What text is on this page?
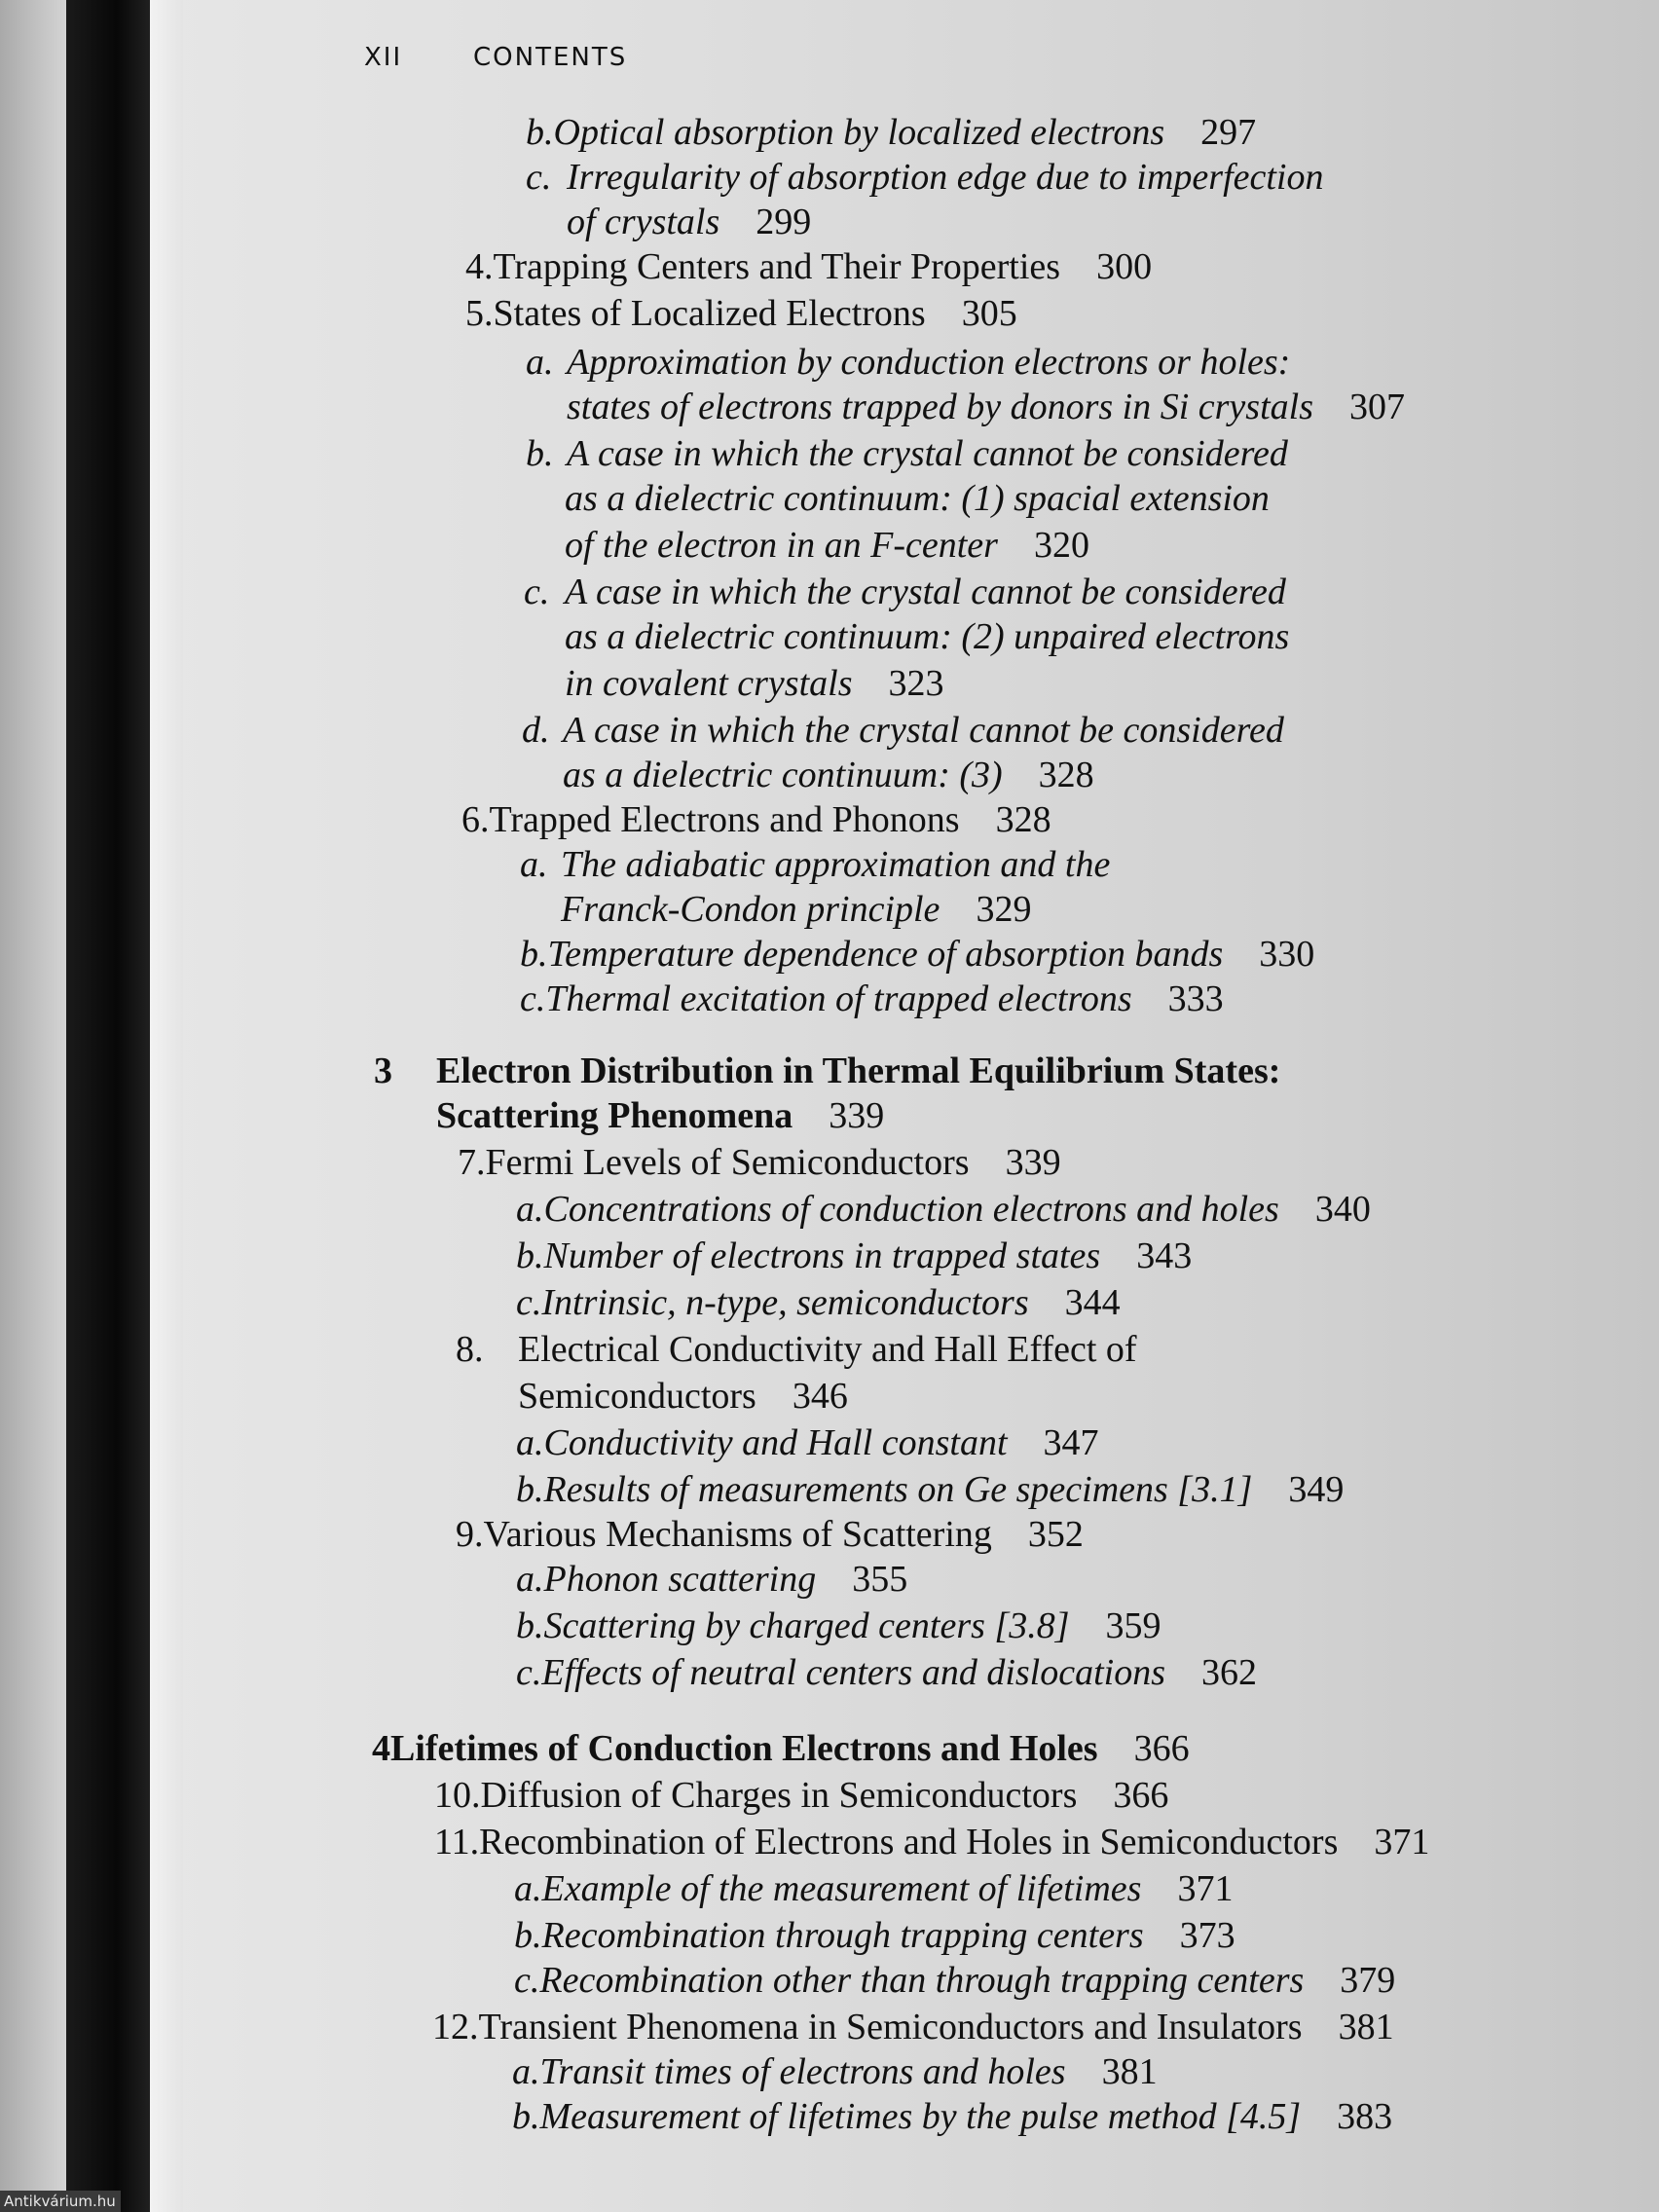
XII	CONTENTS
b. Optical absorption by localized electrons 297
c. Irregularity of absorption edge due to imperfection
of crystals 299
4. Trapping Centers and Their Properties 300
5. States of Localized Electrons 305
a. Approximation by conduction electrons or holes:
states of electrons trapped by donors in Si crystals 307
b. A case in which the crystal cannot be considered
as a dielectric continuum: (1) spacial extension
of the electron in an F-center 320
c. A case in which the crystal cannot be considered
as a dielectric continuum: (2) unpaired electrons
in covalent crystals 323
d. A case in which the crystal cannot be considered
as a dielectric continuum: (3) 328
6. Trapped Electrons and Phonons 328
a. The adiabatic approximation and the
Franck-Condon principle 329
b. Temperature dependence of absorption bands 330
c. Thermal excitation of trapped electrons 333
3	Electron Distribution in Thermal Equilibrium States:
Scattering Phenomena 339
7. Fermi Levels of Semiconductors 339
a. Concentrations of conduction electrons and holes 340
b. Number of electrons in trapped states 343
c. Intrinsic, n-type, semiconductors 344
8. Electrical Conductivity and Hall Effect of
Semiconductors 346
a. Conductivity and Hall constant 347
b. Results of measurements on Ge specimens [3.1] 349
9. Various Mechanisms of Scattering 352
a. Phonon scattering 355
b. Scattering by charged centers [3.8] 359
c. Effects of neutral centers and dislocations 362
4 Lifetimes of Conduction Electrons and Holes 366
10. Diffusion of Charges in Semiconductors 366
11. Recombination of Electrons and Holes in Semiconductors 371
a. Example of the measurement of lifetimes 371
b. Recombination through trapping centers 373
c. Recombination other than through trapping centers 379
12. Transient Phenomena in Semiconductors and Insulators 381
a. Transit times of electrons and holes 381
b. Measurement of lifetimes by the pulse method [4.5] 383
Antikvárium.hu
